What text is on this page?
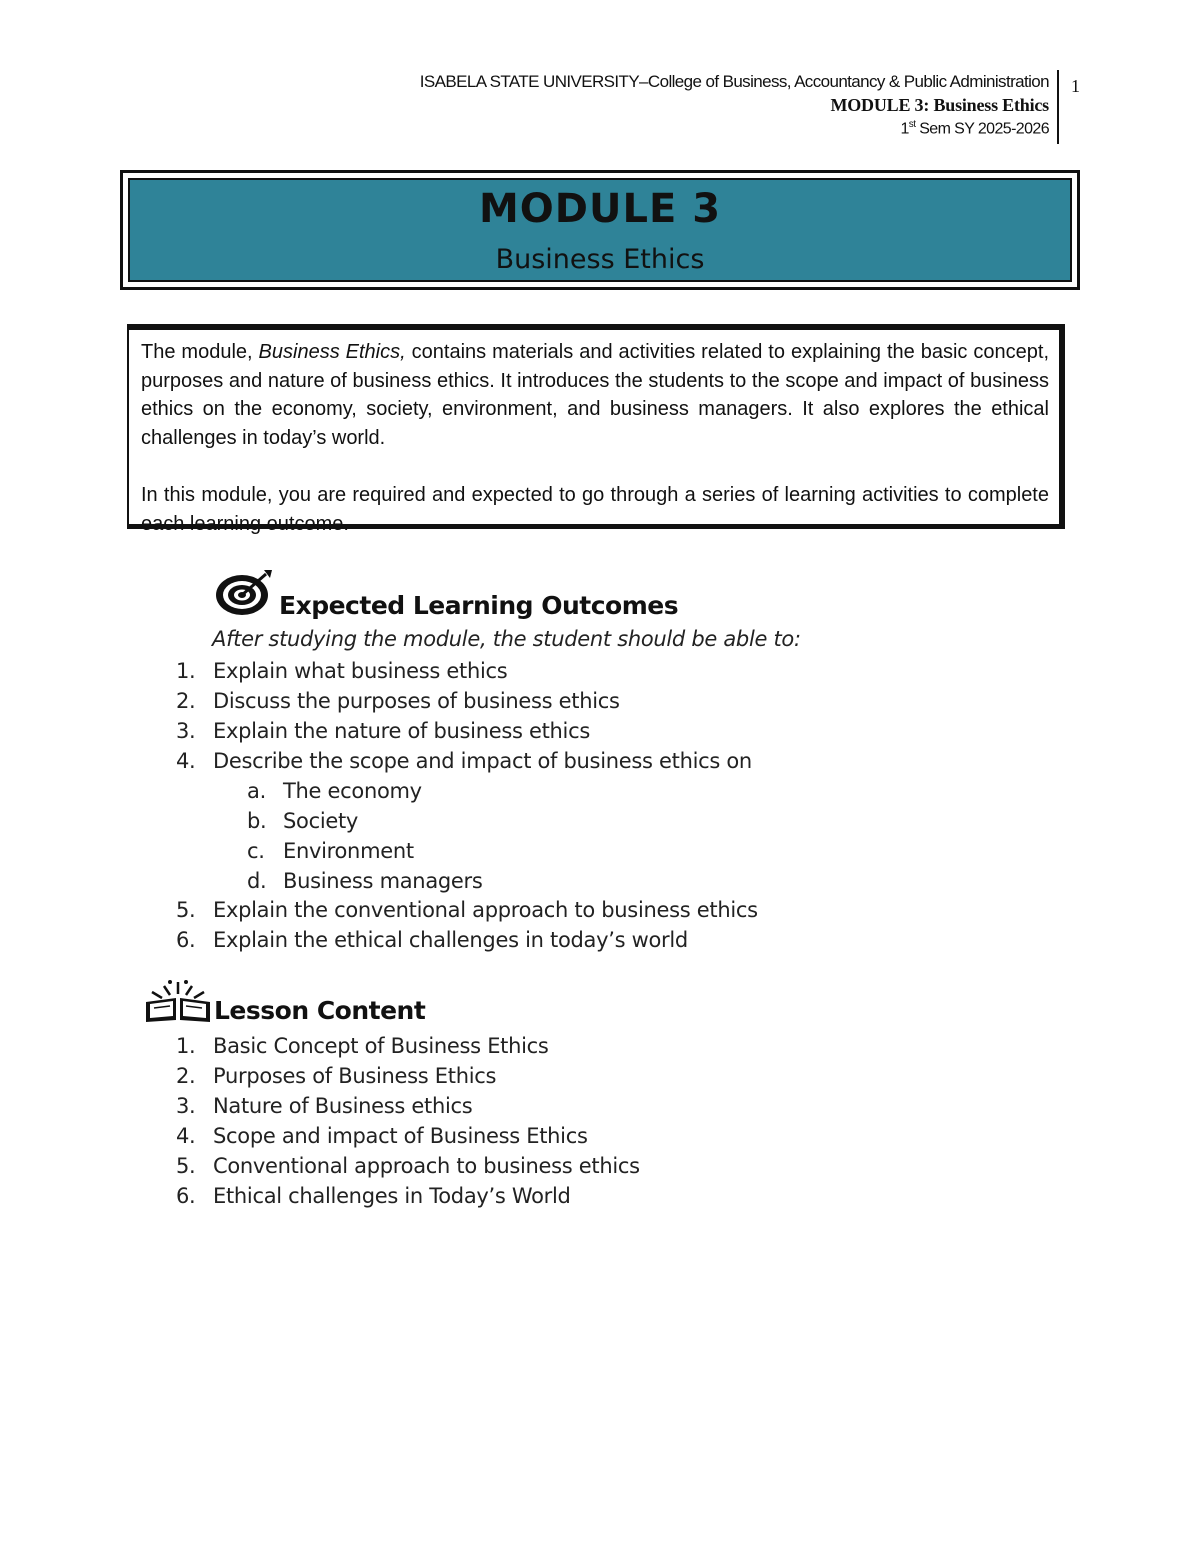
ISABELA STATE UNIVERSITY–College of Business, Accountancy & Public Administration
MODULE 3: Business Ethics
1st Sem SY 2025-2026
1
MODULE 3
Business Ethics

The module, Business Ethics, contains materials and activities related to explaining the basic concept, purposes and nature of business ethics. It introduces the students to the scope and impact of business ethics on the economy, society, environment, and business managers. It also explores the ethical challenges in today’s world.

In this module, you are required and expected to go through a series of learning activities to complete each learning outcome.

Expected Learning Outcomes
After studying the module, the student should be able to:
1. Explain what business ethics
2. Discuss the purposes of business ethics
3. Explain the nature of business ethics
4. Describe the scope and impact of business ethics on
a. The economy
b. Society
c. Environment
d. Business managers
5. Explain the conventional approach to business ethics
6. Explain the ethical challenges in today’s world
Lesson Content
1. Basic Concept of Business Ethics
2. Purposes of Business Ethics
3. Nature of Business ethics
4. Scope and impact of Business Ethics
5. Conventional approach to business ethics
6. Ethical challenges in Today’s World
